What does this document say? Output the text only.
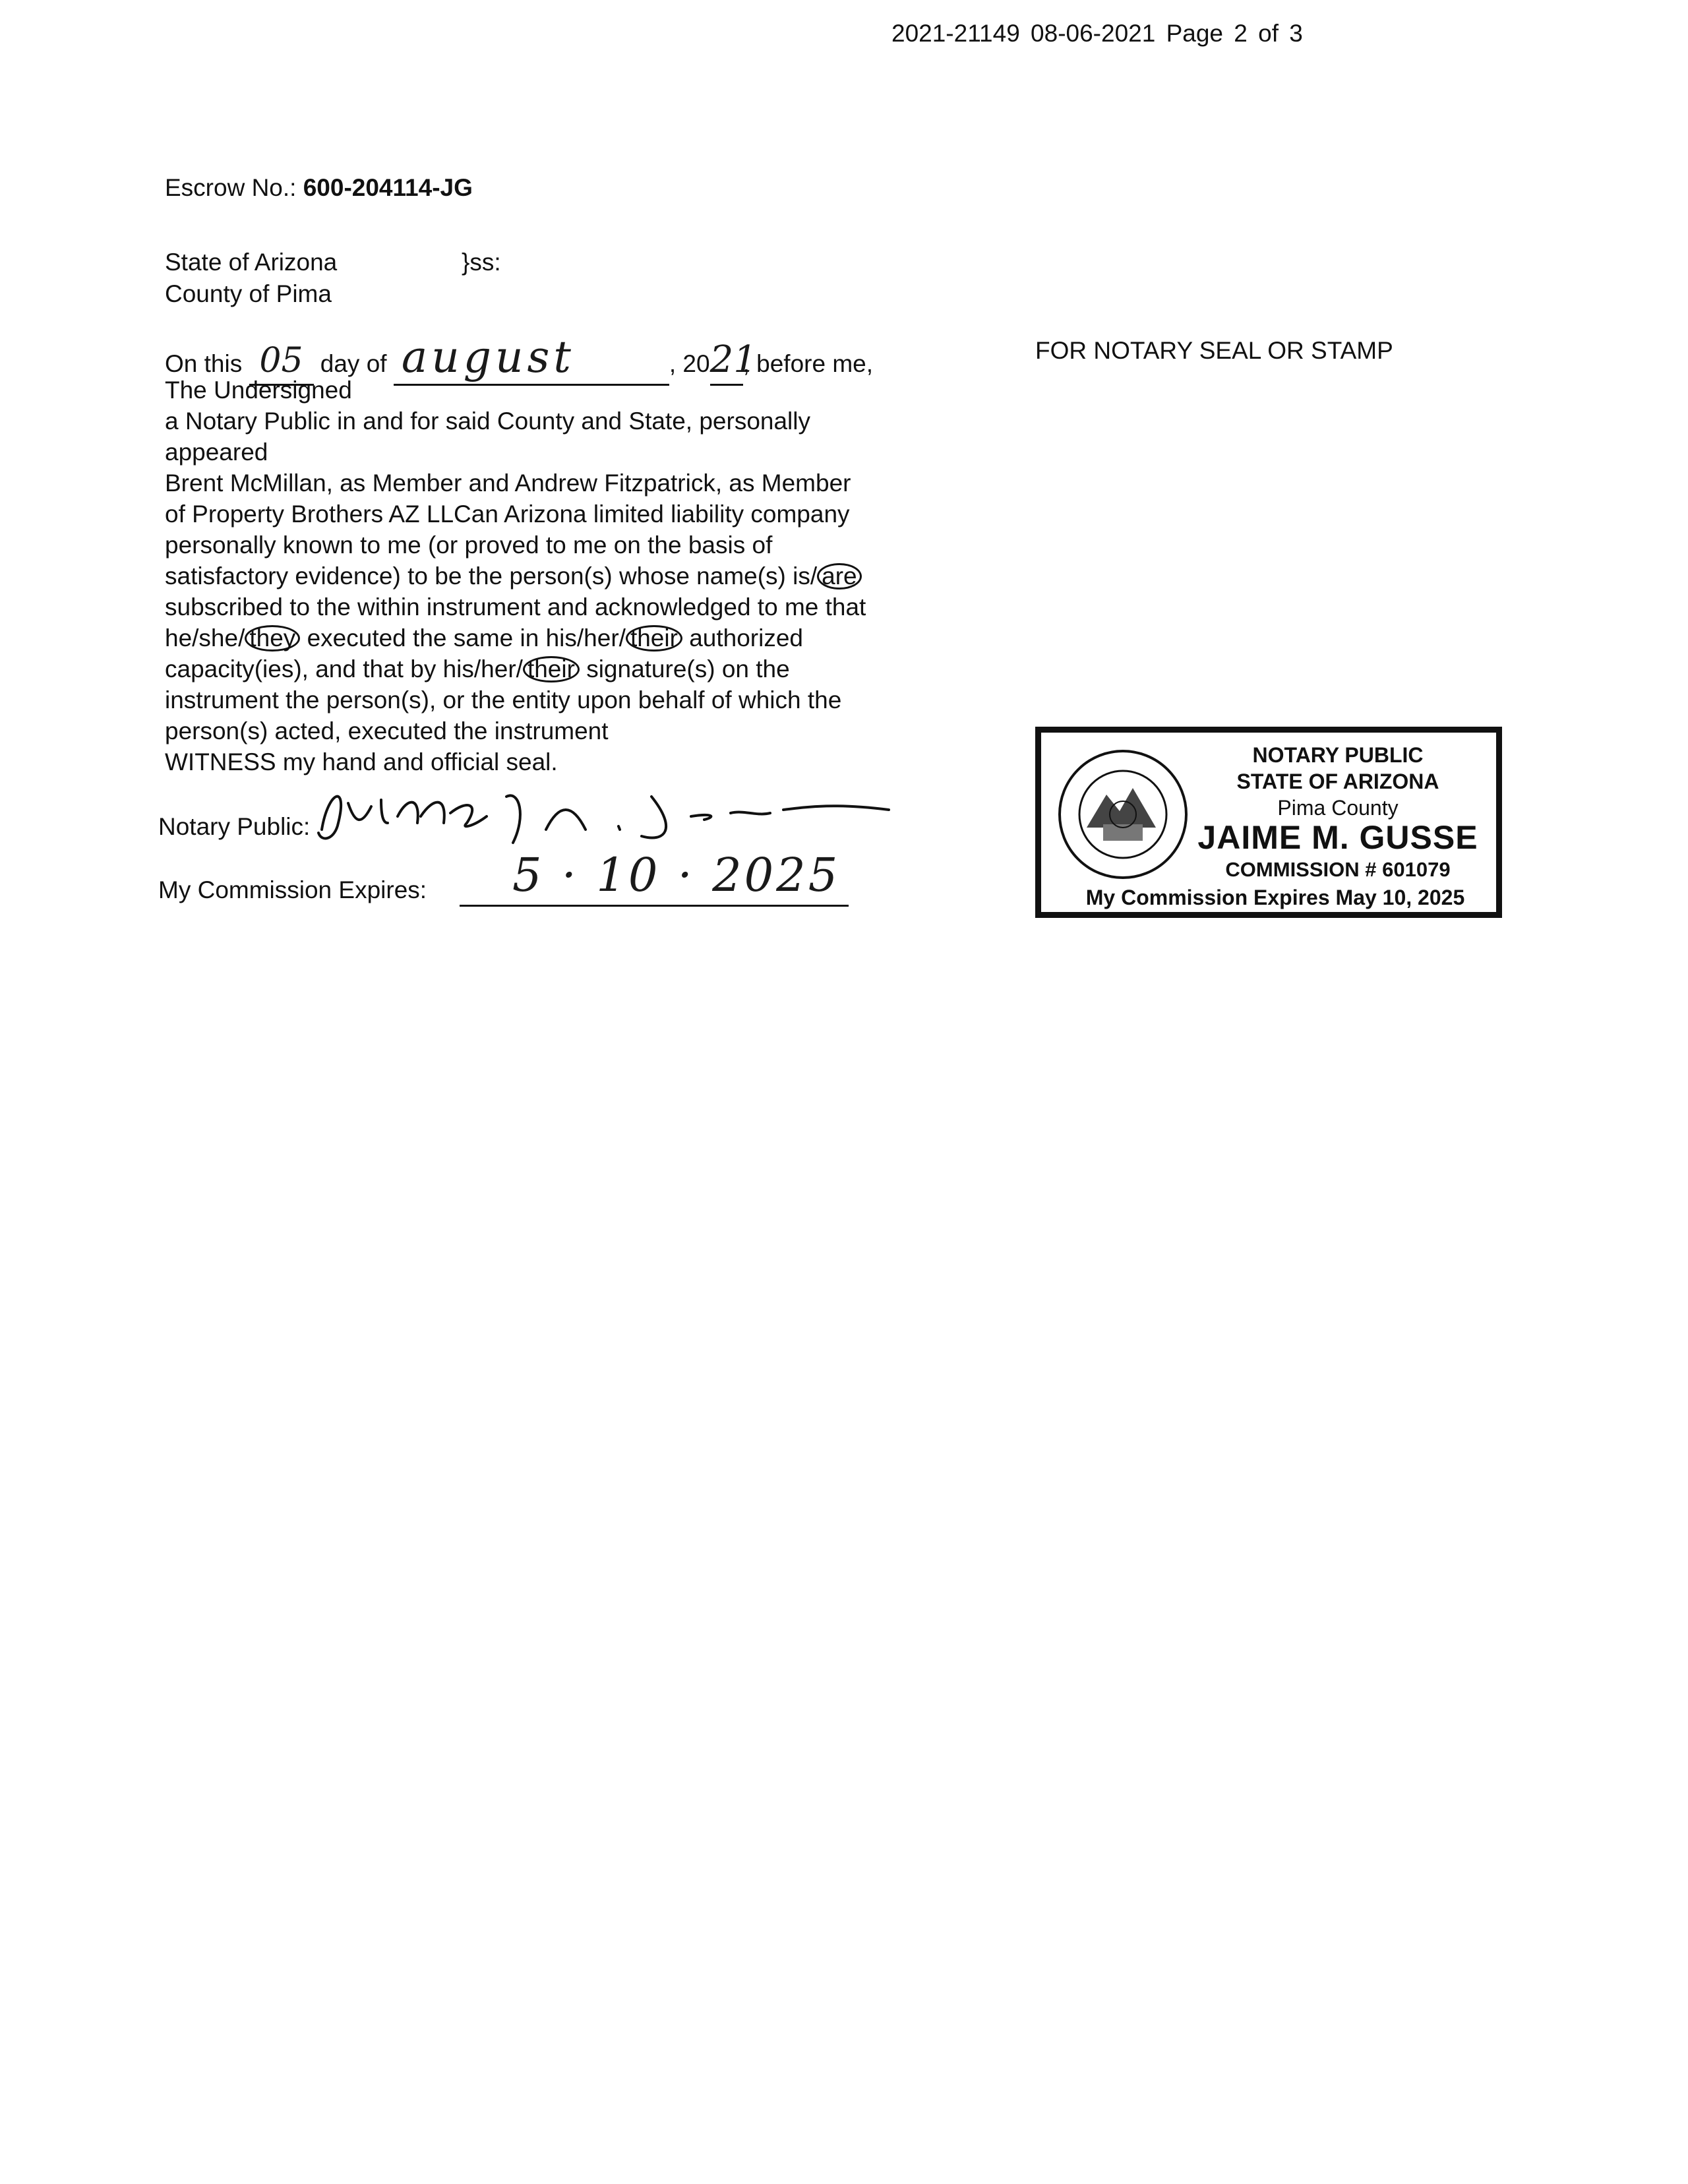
2021-21149 08-06-2021 Page 2 of 3
Escrow No.: 600-204114-JG
State of Arizona	}ss:
County of Pima
On this 05 day of august	, 2021, before me,
The Undersigned
a Notary Public in and for said County and State, personally
appeared
Brent McMillan, as Member and Andrew Fitzpatrick, as Member
of Property Brothers AZ LLCan Arizona limited liability company
personally known to me (or proved to me on the basis of
satisfactory evidence) to be the person(s) whose name(s) is/ are
subscribed to the within instrument and acknowledged to me that
he/she/ they executed the same in his/her/ their authorized
capacity(ies), and that by his/her/ their signature(s) on the
instrument the person(s), or the entity upon behalf of which the
person(s) acted, executed the instrument
WITNESS my hand and official seal.
Notary Public:
My Commission Expires: 5 · 10 · 2025
FOR NOTARY SEAL OR STAMP
NOTARY PUBLIC
STATE OF ARIZONA
Pima County
JAIME M. GUSSE
COMMISSION # 601079
My Commission Expires May 10, 2025
